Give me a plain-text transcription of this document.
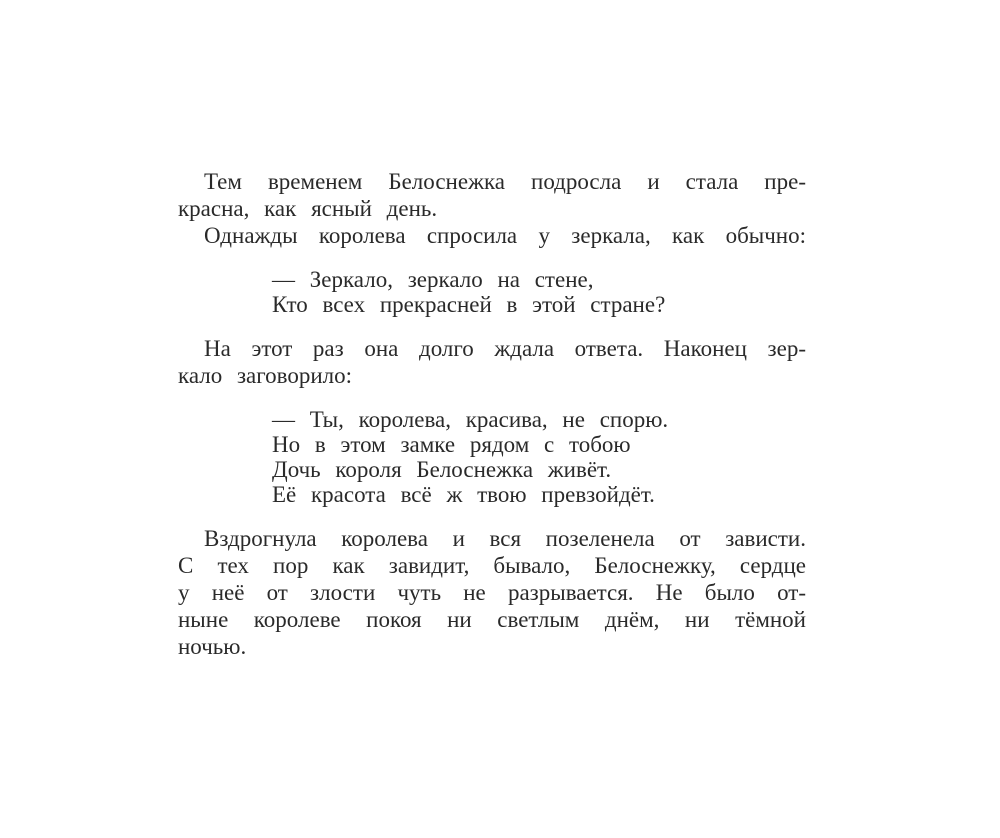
Тем временем Белоснежка подросла и стала пре-
красна, как ясный день.
Однажды королева спросила у зеркала, как обычно:
— Зеркало, зеркало на стене,
Кто всех прекрасней в этой стране?
На этот раз она долго ждала ответа. Наконец зер-
кало заговорило:
— Ты, королева, красива, не спорю.
Но в этом замке рядом с тобою
Дочь короля Белоснежка живёт.
Её красота всё ж твою превзойдёт.
Вздрогнула королева и вся позеленела от зависти.
С тех пор как завидит, бывало, Белоснежку, сердце
у неё от злости чуть не разрывается. Не было от-
ныне королеве покоя ни светлым днём, ни тёмной
ночью.
